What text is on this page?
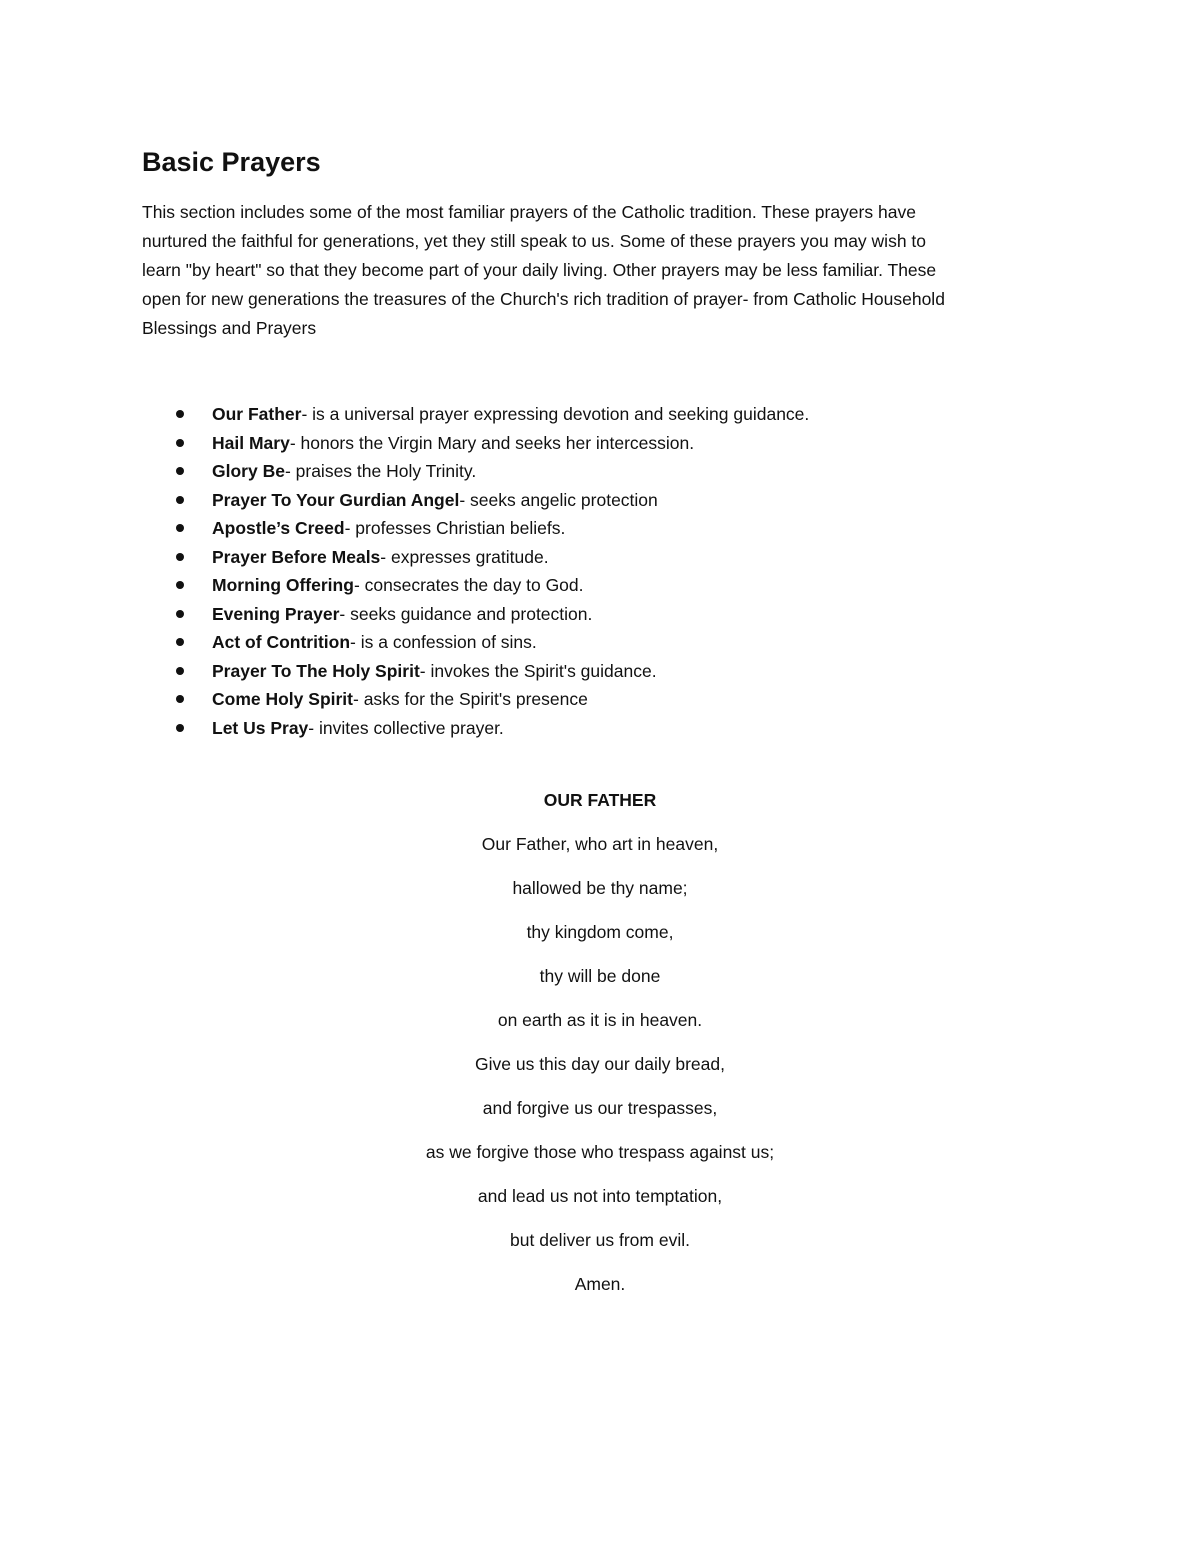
Basic Prayers

This section includes some of the most familiar prayers of the Catholic tradition. These prayers have
nurtured the faithful for generations, yet they still speak to us. Some of these prayers you may wish to
learn "by heart" so that they become part of your daily living. Other prayers may be less familiar. These
open for new generations the treasures of the Church's rich tradition of prayer- from Catholic Household
Blessings and Prayers

Our Father- is a universal prayer expressing devotion and seeking guidance.
Hail Mary- honors the Virgin Mary and seeks her intercession.
Glory Be- praises the Holy Trinity.
Prayer To Your Gurdian Angel- seeks angelic protection
Apostle’s Creed- professes Christian beliefs.
Prayer Before Meals- expresses gratitude.
Morning Offering- consecrates the day to God.
Evening Prayer- seeks guidance and protection.
Act of Contrition- is a confession of sins.
Prayer To The Holy Spirit- invokes the Spirit's guidance.
Come Holy Spirit- asks for the Spirit's presence
Let Us Pray- invites collective prayer.

OUR FATHER

Our Father, who art in heaven,
hallowed be thy name;
thy kingdom come,
thy will be done
on earth as it is in heaven.
Give us this day our daily bread,
and forgive us our trespasses,
as we forgive those who trespass against us;
and lead us not into temptation,
but deliver us from evil.
Amen.
